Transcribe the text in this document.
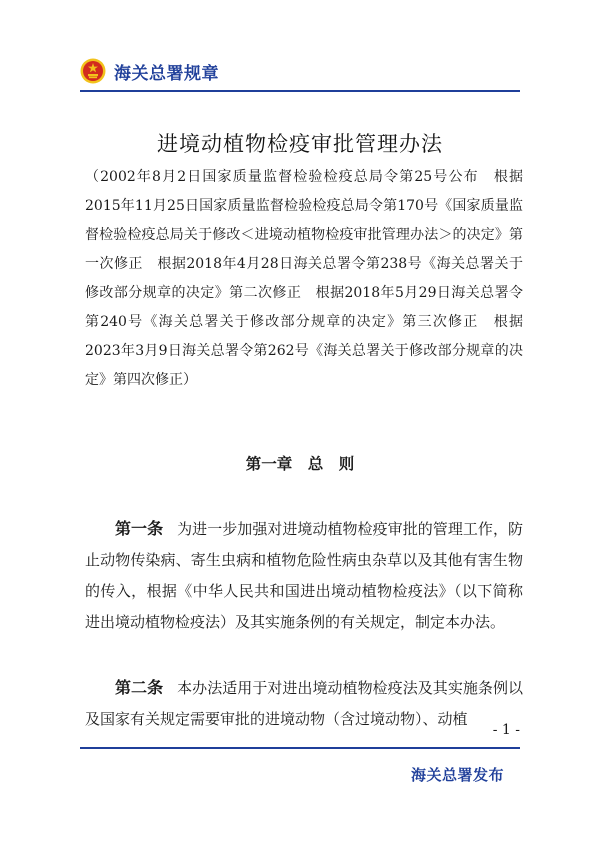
海关总署规章
进境动植物检疫审批管理办法

（2002年8月2日国家质量监督检验检疫总局令第25号公布　根据2015年11月25日国家质量监督检验检疫总局令第170号《国家质量监督检验检疫总局关于修改＜进境动植物检疫审批管理办法＞的决定》第一次修正　根据2018年4月28日海关总署令第238号《海关总署关于修改部分规章的决定》第二次修正　根据2018年5月29日海关总署令第240号《海关总署关于修改部分规章的决定》第三次修正　根据2023年3月9日海关总署令第262号《海关总署关于修改部分规章的决定》第四次修正）

第一章　总　则

第一条 为进一步加强对进境动植物检疫审批的管理工作，防止动物传染病、寄生虫病和植物危险性病虫杂草以及其他有害生物的传入，根据《中华人民共和国进出境动植物检疫法》（以下简称进出境动植物检疫法）及其实施条例的有关规定，制定本办法。

第二条 本办法适用于对进出境动植物检疫法及其实施条例以及国家有关规定需要审批的进境动物（含过境动物）、动植

- 1 -
海关总署发布
